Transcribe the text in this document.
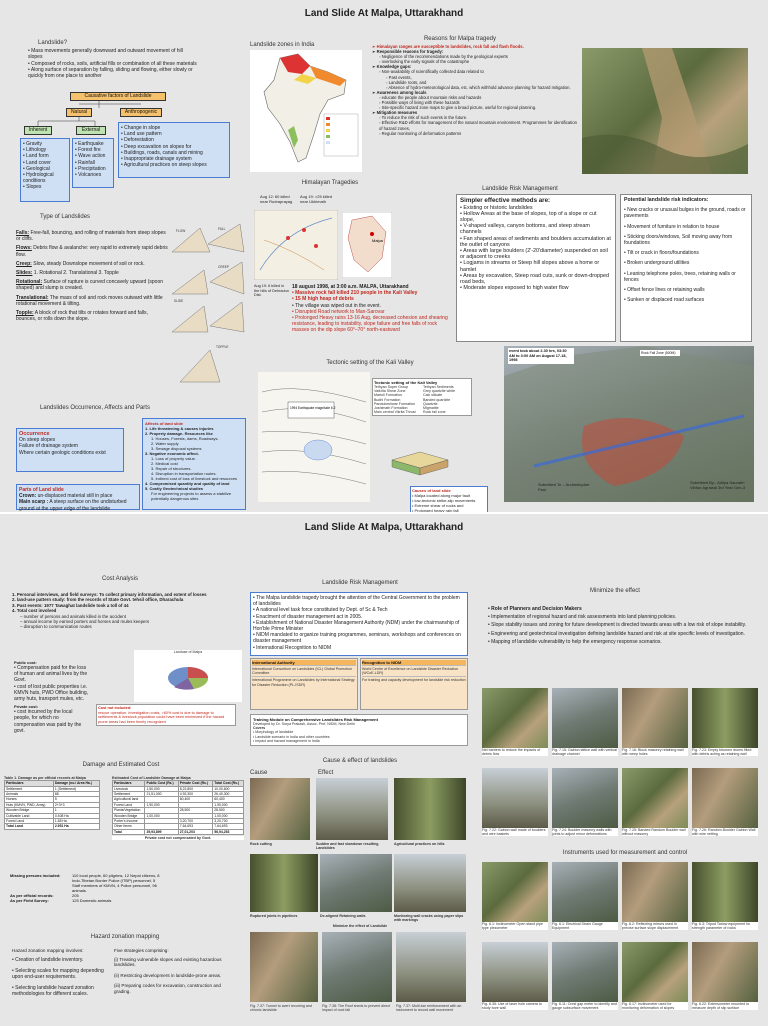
Land Slide At Malpa, Uttarakhand
Landslide?
• Mass movements generally downward and outward movement of hill slopes
• Composed of rocks, soils, artificial fills or combination of all these materials
• Along surface of separation by falling, sliding and flowing, either slowly or quickly from one place to another
Causative factors of Landslide
Natural	Anthropogenic
Inherent	External
• Gravity
• Lithology
• Land form
• Land cover
• Geological
• Hydrological conditions
• Slopes
• Earthquake
• Forest fire
• Wave action
• Rainfall
• Precipitation
• Volcanoes
• Change in slope
• Land use pattern
• Deforestation
• Deep excavation on slopes for
• Buildings, roads, canals and mining
• Inappropriate drainage system
• Agricultural practices on steep slopes
Landslide zones in India
Reasons for Malpa tragedy
➢ Himalayan ranges are susceptible to landslides, rock fall and flash floods.
➢ Responsible reasons for tragedy:
◦ Negligence of the recommendations made by the geological experts
◦ overlooking the early signals of the catastrophe
➢ Knowledge gaps:
◦ Non-availability of scientifically collected data related to
◦ Past events,
◦ Landslide roots, and
◦ Absence of hydro-meteorological data, etc. which withhold advance planning for hazard mitigation.
➢ Awareness among locals
◦ educate the people about mountain risks and hazards
◦ Possible ways of living with these hazards
◦ Site-specific hazard zone maps to give a broad picture, useful for regional planning.
➢ Mitigation measures
◦ To reduce the risk of such events in the future.
◦ Effective R&D efforts for management of the natural mountain environment. Programmes for identification of hazard zones,
◦ Regular monitoring of deformation patterns
Type of Landslides
Falls: Free-fall, bouncing, and rolling of materials from steep slopes or cliffs.
Flows: Debris flow & avalanche: very rapid to extremely rapid debris flow.
Creep: Slow, steady Downslope movement of soil or rock.
Slides: 1. Rotational 2. Translational 3. Topple
Rotational: Surface of rupture is curved concavely upward (spoon shaped) and slump is created.
Translational: The mass of soil and rock moves outward with little rotational movement & tilting.
Topple: A block of rock that tilts or rotates forward and falls, bounces, or rolls down the slope.
FLOW	FALL
CREEP
SLIDE
TOPPLE
Landslides Occurrence, Affects and Parts
Occurrence
On steep slopes
Failure of drainage system
Where certain geologic conditions exist
Parts of Land slide
Crown: un-displaced material still in place
Main scarp : A steep surface on the undisturbed ground at the upper edge of the landslide
Affects of land slide
1. Life threatening & causes injuries
2. Property damage- Resources like
1. Houses, Forests, dams, Roadways.
2. Water supply
3. Sewage disposal systems
3. Negative economic affect-
1. Loss of property value.
2. Medical cost
3. Repair of structures.
4. Disruption in transportation routes.
5. Indirect cost of loss of livestock and resources
4. Compromised quantity and quality of land
5. Costly Geotechnical studies
For engineering projects to assess a stabilize potentially dangerous sites
Himalayan Tragedies
Aug 12: 60 killed near Rudraprayag
Aug 19: >25 killed near Ukhimath
Malpa
Aug 19: 6 killed in the hills of Dehradun Dist.
18 august 1998, at 3:00 a.m. MALPA, Uttarakhand
• Massive rock fall killed 210 people in the Kali Valley
• 15 M high heap of debris
• The village was wiped out in the event.
• Disrupted Road network to Man-Sarovar
• Prolonged Heavy rains 13-16 Aug, decreased cohesion and shearing resistance, leading to instability, slope failure and free falls of rock masses on the dip slope 60°–70° north-eastward
Tectonic setting of the Kali Valley
1994 Earthquake magnitude 6.2
Tectonic setting of the Kali Valley
Tethyan Super Group	Tethyan Sediments
Vaikrita Shear Zone	Grey quartzite white
Martoli Formation	Calc silicate
Budhi Formation	Banded quartzite
Pandukeshwar Formation	Quartzite
Joshimath Formation	Migmatite
Main central Vikrita Thrust	Rock fall zone
Causes of land slide
• Malpa located along major fault
• low-tectonic strike-slip movements
• Extreme shear of rocks and
• Prolonged heavy rain fall
Landslide Risk Management
Simpler effective methods are:
• Existing or historic landslides
• Hollow Areas at the base of slopes, top of a slope or cut slope,
• V-shaped valleys, canyon bottoms, and steep stream channels
• Fan shaped areas of sediments and boulders accumulation at the outlet of canyons
• Areas with large boulders (2'-20'diameter) suspended on soil or adjacent to creeks
• Logjams in streams or Steep hill slopes above a home or hamlet
• Areas by excavation, Steep road cuts, sunk or down-dropped road beds,
• Moderate slopes exposed to high water flow
Potential landslide risk indicators:
• New cracks or unusual bulges in the ground, roads or pavements
• Movement of furniture in relation to house
• Sticking doors/windows, Soil moving away from foundations
• Tilt or crack in floors/foundations
• Broken underground utilities
• Leaning telephone poles, trees, retaining walls or fences
• Offset fence lines or retaining walls
• Sunken or displaced road surfaces
event took about 2.30 hrs, 03:30 AM to 3:00 AM on August 17-18, 1998
Rock Fall Zone (500M)
Submitted To :- Archmitopher Paul
Submitted By:- Aditya Saurabh Vibhor Agrawal 3rd Year Gen-3
Land Slide At Malpa, Uttarakhand
Cost Analysis
1. Personal interviews, and field surveys: To collect primary information, and extent of losses
2. land-use pattern study: from the records of State Govt. tehsil office, Dharachula
3. Past events: 1977 Tawaghat landslide took a toll of 44
4. Total cost involved
– number of persons and animals killed in the accident
– annual income by earned porters and horses and mules keepers
– disruption to communication routes
Public cost:
• Compensation paid for the loss of human and animal lives by the Govt.
• cost of lost public properties i.e. KMVN huts, PWD Office building, army huts, transport mules, etc.
Private cost:
• cost incurred by the local people, for which no compensation was paid by the govt.
Landuse of Malpa
Cost not included:
rescue operation, investigation costs, >60% cost is due to damage to settlements & livestock population could have been minimized if the hazard prone areas had been timely recognized
Damage and Estimated Cost
Table 1. Damage as per official records at Malpa
Particulars	Damage (no./ Area Ha.)
Settlement	1 (Settlement)
Animals	88
Horses	5
Huts (KMVN, PWD, Army)	2+3+3
Wooden Bridge	1
Cultivable Land	0.408 Ha
Forest Land	1.58 Ha
Total Land	2.951 Ha
Estimated Cost of Landslide Damage at Malpa
Particulars	Public Cost (Rs.)	Private Cost (Rs.)	Total Cost (Rs.)
Livestock	1,50,000	8,22,800	10,00,600
Settlement	21,51,000	4,92,300	26,40,300
Agricultural land		60,400	60,400
Forest Land	1,90,000		1,90,000
Plants/Vegetation		28,500	28,500
Wooden Bridge	1,00,000		1,00,000
Porter's Income		3,20,700	3,20,700
Other Items		7,64,693	7,64,693
Total	29,93,899	27,01,203	56,94,253
Private cost not compensated by Govt.
Missing persons included:	110 local people, 60 pilgrims, 12 Nepal citizens, 8 Indo-Tibetan Border Police (ITBP) personnel, 5 Staff members of KMVN, 4 Police personnel, 96 animals.
As per official records:	205
As per Field Survey:	125 Domestic animals
Hazard zonation mapping
Hazard zonation mapping involves:
• Creation of landslide inventory.
• Selecting scales for mapping depending upon end-user requirements.
• Selecting landslide hazard zonation methodologies for different scales.
Five strategies comprising:
(i) Treating vulnerable slopes and existing hazardous landslides.
(ii) Restricting development in landslide-prone areas.
(iii) Preparing codes for excavation, construction and grading.
Landslide Risk Management
• The Malpa landslide tragedy brought the attention of the Central Government to the problem of landslides
• A national level task force constituted by Dept. of Sc & Tech
• Enactment of disaster management act in 2005.
• Establishment of National Disaster Management Authority (NDM) under the chairmanship of Hon'ble Prime Minister
• NIDM mandated to organize training programmes, seminars, workshops and conferences on disaster management
• International Recognition to NIDM
International Authority
International Consortium on Landslides (ICL) Global Promotion Committee
International Programme on Landslides by International Strategy for Disaster Reduction (PL-ISDR)
Recognition to NIDM
World Centre of Excellence on Landslide Disaster Reduction (WCoE-LDR)
For training and capacity development for landslide risk reduction
Training Module on Comprehensive Landslides Risk Management
Developed by Dr. Surya Prakash, Assoc. Prof. NIDM, New Delhi
Covers
• Morphology of landslide
• Landslide scenario in India and other countries
• Impact and hazard management in India
Cause & effect of landslides
Cause	Effect
Rock cutting	Sudden and fast slowdown resulting Landslides
Agricultural practices on hills
Ruptured joints in pipelines	De-aligned Retaining walls	Monitoring wall cracks using paper slips with markings
Minimize the effect of Landslide
Fig. 7.37: Tunnel to avert recurring and chronic landslide
Fig. 7.38: The Roof sheds to prevent direct impact of rock fall
Fig. 7.37: Multi-bar reinforcement with an instrument to record wall movement
Minimize the effect
• Role of Planners and Decision Makers
• Implementation of regional hazard and risk assessments into land planning policies.
• Slope stability issues and zoning for future development is directed towards areas with a low risk of slope instability.
• Engineering and geotechnical investigation defining landslide hazard and risk at site specific levels of investigation.
• Mapping of landslide vulnerability to help the emergency response scenarios.
Net barriers to reduce the impacts of debris flow
Fig. 7.15: Gabion lattice wall with vertical drainage channel
Fig. 7.16: Block masonry retaining wall with weep holes
Fig. 7.23: Empty bitumen drums filled with debris acting as retaining wall
Fig. 7.22: Gabion wall made of boulders and wire baskets
Fig. 7.24: Boulder masonry walls with joints to adjust minor deformations
Fig. 7.25: Banded Random Boulder wall without masonry
Fig. 7.26: Random Boulder Gabion Wall with wire netting
Instruments used for measurement and control
Fig. 6.1: Inclinometer Open stand pipe type piezometer
Fig. 6.1: Electrical Strain Gauge Equipment
Fig. 6.2: Reflecting mirrors used in precise surface slope displacement
Fig. 6.3: Tripod Tarlow equipment for strength parameter of rocks
Fig. 6.35: Use of laser hole camera to study bore wall
Fig. 6.11: Crest gap meter to identify and gauge subsurface movement
Fig. 6.17: Inclinometer used for monitoring deformation of slopes
Fig. 6.22: Extensometer mounted to measure depth of slip surface
